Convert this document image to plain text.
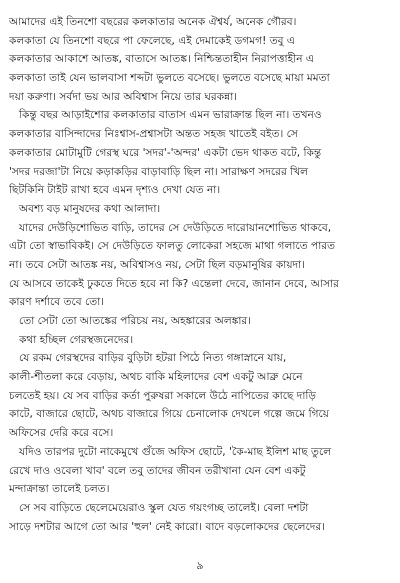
আমাদের এই তিনশো বছরের কলকাতার অনেক ঐশ্বর্য, অনেক গৌরব।
কলকাতা যে তিনশো বছরে পা ফেলেছে, এই দেমাকেই ডগমগ! তবু এ
কলকাতার আকাশে আতঙ্ক, বাতাসে আতঙ্ক। নিশ্চিন্ততাহীন নিরাপত্তাহীন এ
কলকাতা তাই যেন ভালবাসা শব্দটা ভুলতে বসেছে। ভুলতে বসেছে মায়া মমতা
দয়া করুণা। সর্বদা ভয় আর অবিশ্বাস নিয়ে তার ঘরকন্না।
কিন্তু বছর আড়াইশোর কলকাতার বাতাস এমন ভারাক্রান্ত ছিল না। তখনও
কলকাতার বাসিন্দাদের নিঃশ্বাস-প্রশ্বাসটা অন্তত সহজ খাতেই বইত। সে
কলকাতার মোটামুটি গেরস্থ ঘরে 'সদর'-'অন্দর' একটা ভেদ থাকত বটে, কিন্তু
'সদর দরজা'টা নিয়ে কড়াকড়ির বাড়াবাড়ি ছিল না। সারাক্ষণ সদরের খিল
ছিটকিনি টাইট রাখা হবে এমন দৃশ্যও দেখা যেত না।
অবশ্য বড় মানুষদের কথা আলাদা।
যাদের দেউড়িশোভিত বাড়ি, তাদের সে দেউড়িতে দারোয়ানশোভিত থাকবে,
এটা তো স্বাভাবিকই। সে দেউড়িতে ফালতু লোকেরা সহজে মাথা গলাতে পারত
না। তবে সেটা আতঙ্ক নয়, অবিশ্বাসও নয়, সেটা ছিল বড়মানুষির কায়দা।
যে আসবে তাকেই ঢুকতে দিতে হবে না কি? এন্তেলা দেবে, জানান দেবে, আসার
কারণ দর্শাবে তবে তো।
তো সেটা তো আতঙ্কের পরিচয় নয়, অহঙ্কারের অলঙ্কার।
কথা হচ্ছিল গেরস্থজনেদের।
যে রকম গেরস্থদের বাড়ির বুড়িটা হটরা পিঠে নিত্য গঙ্গাস্নানে যায়,
কালী-শীতলা করে বেড়ায়, অথচ বাকি মহিলাদের বেশ একটু আব্রু মেনে
চলতেই হয়। যে সব বাড়ির কর্তা পুরুষরা সকালে উঠে নাপিতের কাছে দাড়ি
কাটে, বাজারে ছোটে, অথচ বাজারে গিয়ে চেনালোক দেখলে গল্পে জমে গিয়ে
অফিসের দেরি করে বসে।
যদিও তারপর দুটো নাকেমুখে গুঁজে অফিস ছোটে, 'কৈ-মাছ ইলিশ মাছ তুলে
রেখে দাও ওবেলা খাব' বলে তবু তাদের জীবন তরীখানা যেন বেশ একটু
মন্দাক্রান্তা তালেই চলত।
সে সব বাড়িতে ছেলেমেয়েরাও স্কুল যেত গয়ংগচ্ছ তালেই। বেলা দশটা
সাড়ে দশটার আগে তো আর 'হুল' নেই কারো। বাদে বড়লোকদের ছেলেদের।
৯
